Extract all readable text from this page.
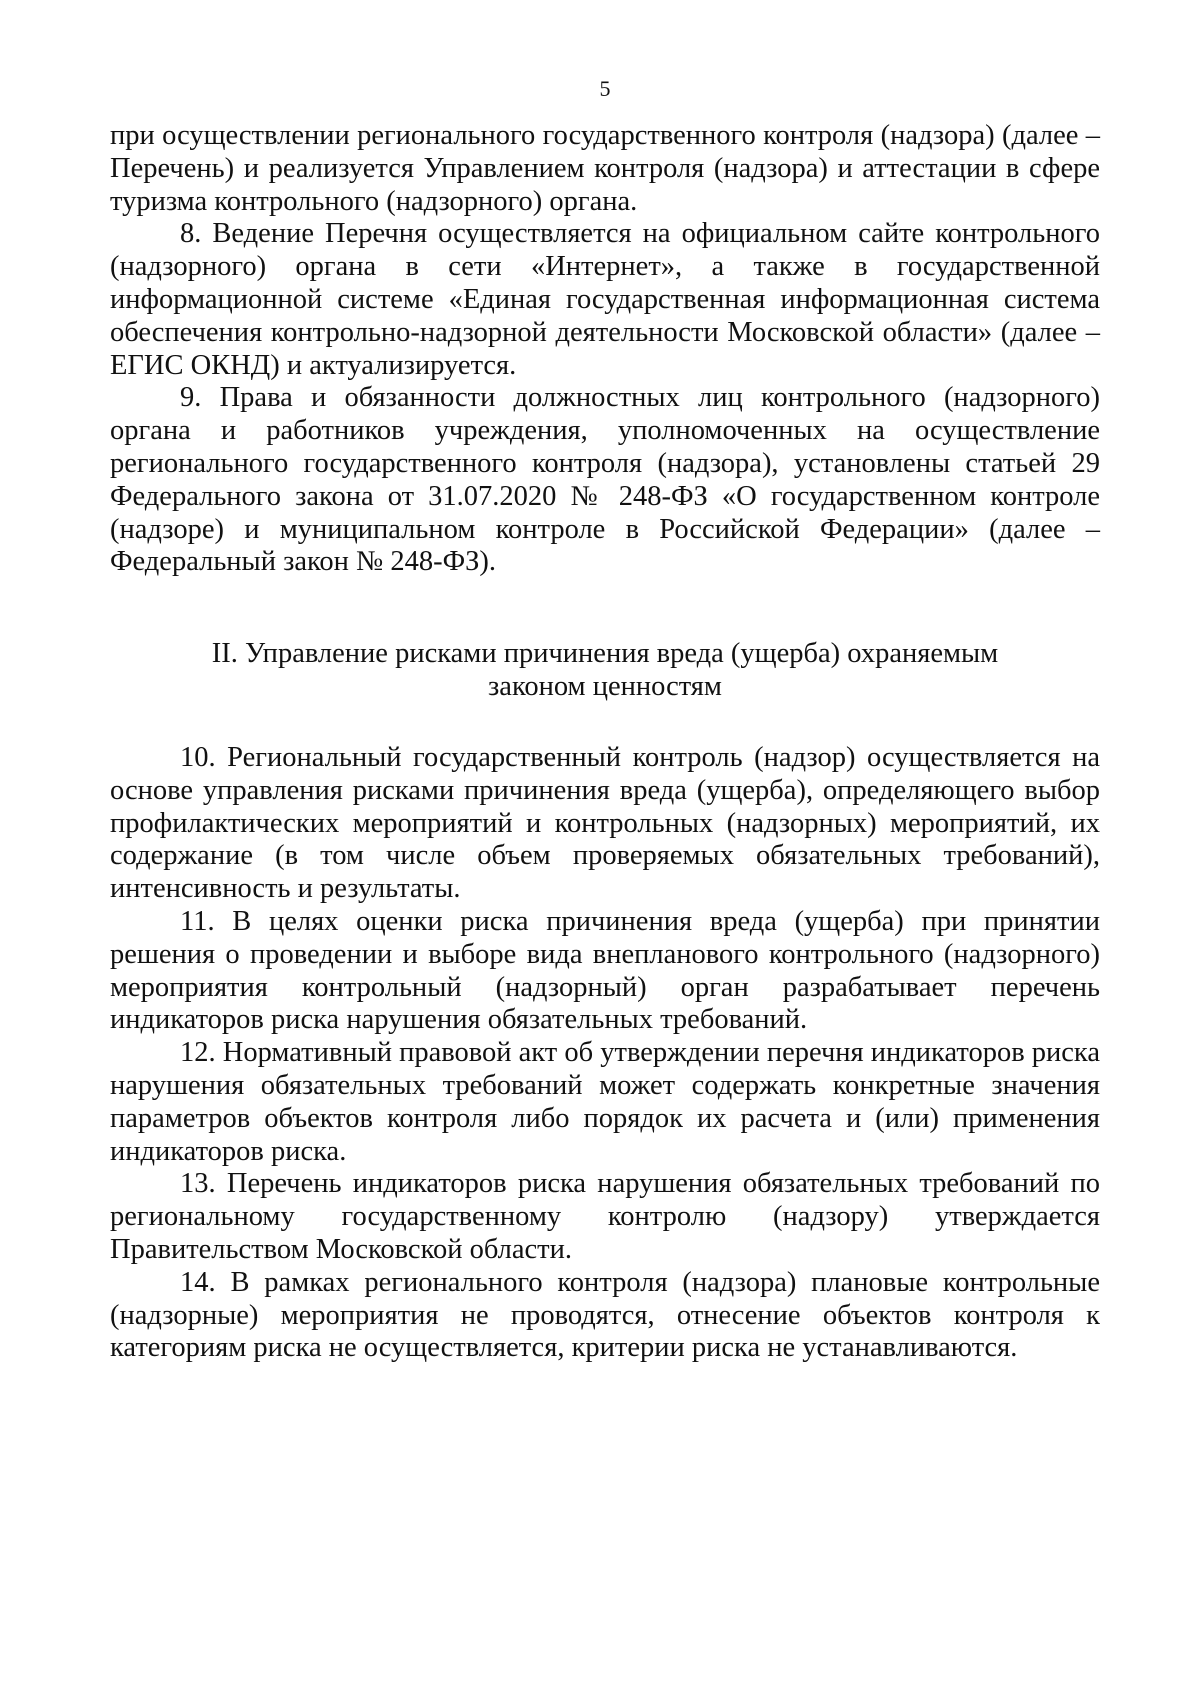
5

при осуществлении регионального государственного контроля (надзора) (далее – Перечень) и реализуется Управлением контроля (надзора) и аттестации в сфере туризма контрольного (надзорного) органа.

8. Ведение Перечня осуществляется на официальном сайте контрольного (надзорного) органа в сети «Интернет», а также в государственной информационной системе «Единая государственная информационная система обеспечения контрольно-надзорной деятельности Московской области» (далее – ЕГИС ОКНД) и актуализируется.

9. Права и обязанности должностных лиц контрольного (надзорного) органа и работников учреждения, уполномоченных на осуществление регионального государственного контроля (надзора), установлены статьей 29 Федерального закона от 31.07.2020 № 248-ФЗ «О государственном контроле (надзоре) и муниципальном контроле в Российской Федерации» (далее – Федеральный закон № 248-ФЗ).

II. Управление рисками причинения вреда (ущерба) охраняемым
законом ценностям

10. Региональный государственный контроль (надзор) осуществляется на основе управления рисками причинения вреда (ущерба), определяющего выбор профилактических мероприятий и контрольных (надзорных) мероприятий, их содержание (в том числе объем проверяемых обязательных требований), интенсивность и результаты.

11. В целях оценки риска причинения вреда (ущерба) при принятии решения о проведении и выборе вида внепланового контрольного (надзорного) мероприятия контрольный (надзорный) орган разрабатывает перечень индикаторов риска нарушения обязательных требований.

12. Нормативный правовой акт об утверждении перечня индикаторов риска нарушения обязательных требований может содержать конкретные значения параметров объектов контроля либо порядок их расчета и (или) применения индикаторов риска.

13. Перечень индикаторов риска нарушения обязательных требований по региональному государственному контролю (надзору) утверждается Правительством Московской области.

14. В рамках регионального контроля (надзора) плановые контрольные (надзорные) мероприятия не проводятся, отнесение объектов контроля к категориям риска не осуществляется, критерии риска не устанавливаются.
